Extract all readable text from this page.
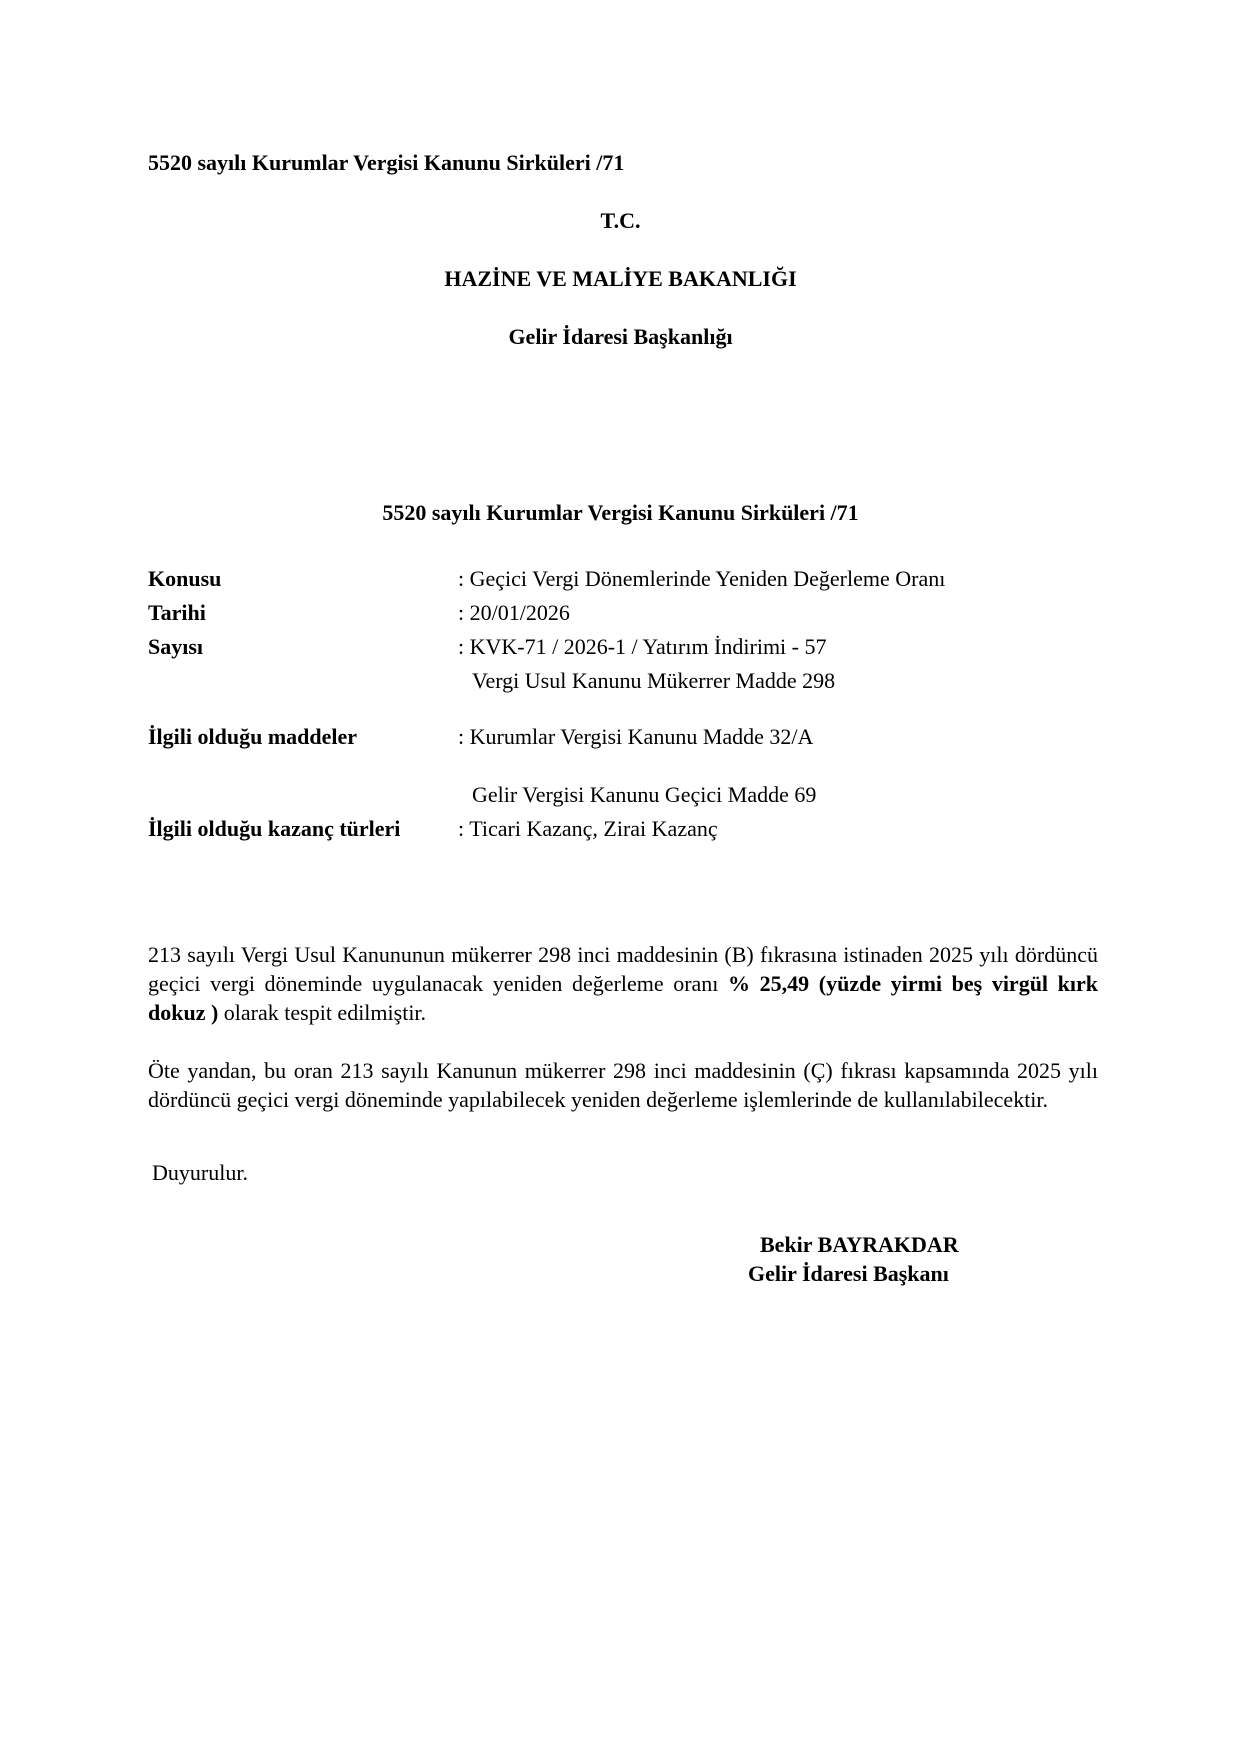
5520 sayılı Kurumlar Vergisi Kanunu Sirküleri /71
T.C.
HAZİNE VE MALİYE BAKANLIĞI
Gelir İdaresi Başkanlığı
5520 sayılı Kurumlar Vergisi Kanunu Sirküleri /71
Konusu	: Geçici Vergi Dönemlerinde Yeniden Değerleme Oranı
Tarihi	: 20/01/2026
Sayısı	: KVK-71 / 2026-1 / Yatırım İndirimi - 57
Vergi Usul Kanunu Mükerrer Madde 298
İlgili olduğu maddeler	: Kurumlar Vergisi Kanunu Madde 32/A
Gelir Vergisi Kanunu Geçici Madde 69
İlgili olduğu kazanç türleri	: Ticari Kazanç, Zirai Kazanç
213 sayılı Vergi Usul Kanununun mükerrer 298 inci maddesinin (B) fıkrasına istinaden 2025 yılı dördüncü geçici vergi döneminde uygulanacak yeniden değerleme oranı % 25,49 (yüzde yirmi beş virgül kırk dokuz ) olarak tespit edilmiştir.
Öte yandan, bu oran 213 sayılı Kanunun mükerrer 298 inci maddesinin (Ç) fıkrası kapsamında 2025 yılı dördüncü geçici vergi döneminde yapılabilecek yeniden değerleme işlemlerinde de kullanılabilecektir.
Duyurulur.
Bekir BAYRAKDAR
Gelir İdaresi Başkanı
